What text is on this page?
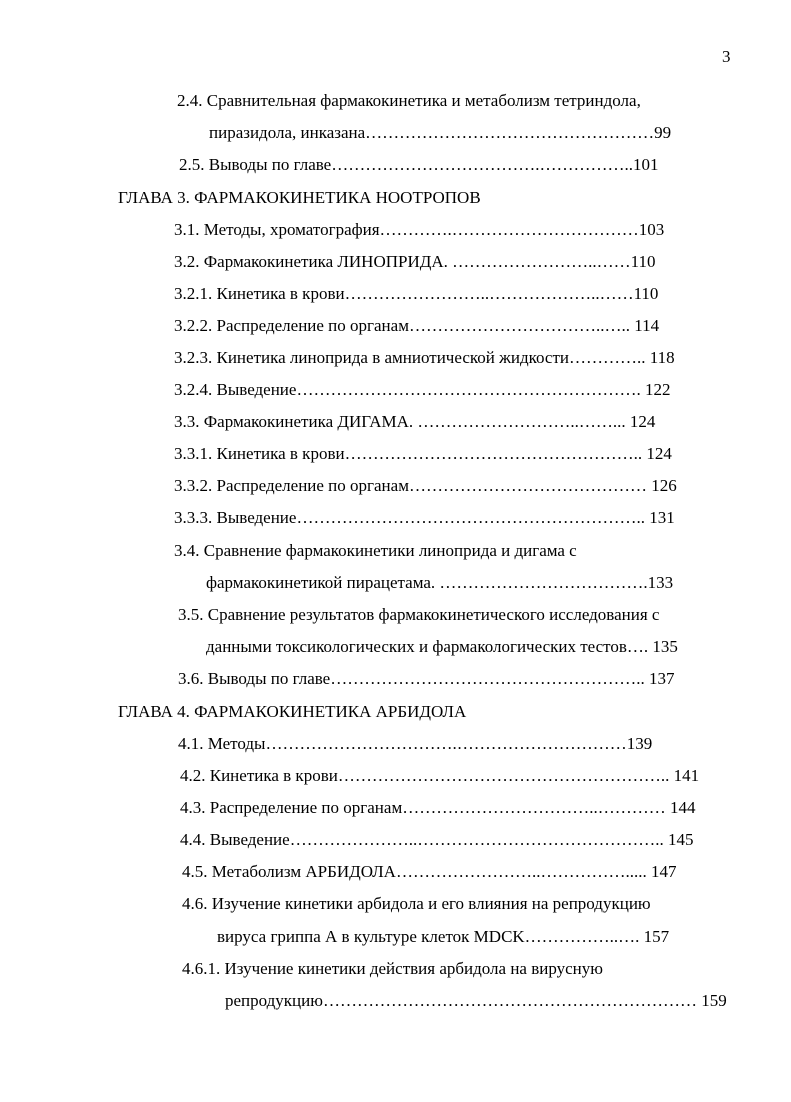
3
2.4. Сравнительная фармакокинетика и метаболизм тетриндола,
пиразидола, инказана……………………………………………99
2.5. Выводы по главе……………………………….……………..101
ГЛАВА 3. ФАРМАКОКИНЕТИКА НООТРОПОВ
3.1. Методы, хроматография………….……………………………103
3.2. Фармакокинетика ЛИНОПРИДА. ……………………..……110
3.2.1. Кинетика в крови……………………..………………..……110
3.2.2. Распределение по органам……………………………..….. 114
3.2.3. Кинетика линоприда в амниотической жидкости………….. 118
3.2.4. Выведение……………………………………………………. 122
3.3. Фармакокинетика ДИГАМА. ………………………..……... 124
3.3.1. Кинетика в крови…………………………………………….. 124
3.3.2. Распределение по органам…………………………………… 126
3.3.3. Выведение…………………………………………………….. 131
3.4. Сравнение фармакокинетики линоприда и дигама с
фармакокинетикой пирацетама. ……………………………….133
3.5. Сравнение результатов фармакокинетического исследования с
данными токсикологических и фармакологических тестов…. 135
3.6. Выводы по главе……………………………………………….. 137
ГЛАВА 4. ФАРМАКОКИНЕТИКА АРБИДОЛА
4.1. Методы…………………………….…………………………139
4.2. Кинетика в крови………………………………………………….. 141
4.3. Распределение по органам……………………………..………… 144
4.4. Выведение…………………..…………………………………….. 145
4.5. Метаболизм АРБИДОЛА……………………..……………..... 147
4.6. Изучение кинетики арбидола и его влияния на репродукцию
вируса гриппа А в культуре клеток MDCK……………..…. 157
4.6.1. Изучение кинетики действия арбидола на вирусную
репродукцию………………………………………………………… 159
